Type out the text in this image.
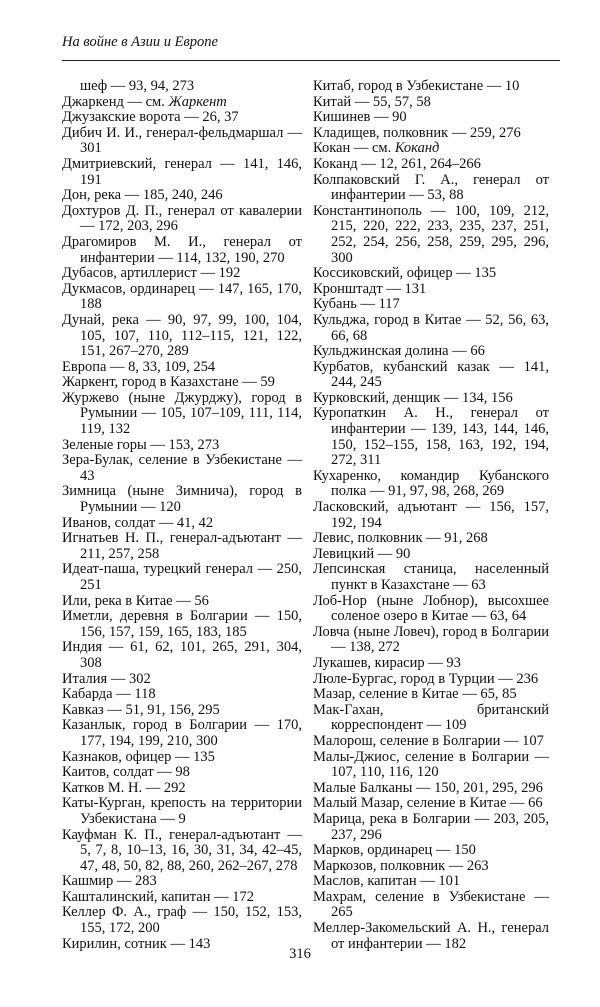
На войне в Азии и Европе
шеф — 93, 94, 273
Джаркенд — см. Жаркент
Джузакские ворота — 26, 37
Дибич И. И., генерал-фельдмаршал — 301
Дмитриевский, генерал — 141, 146, 191
Дон, река — 185, 240, 246
Дохтуров Д. П., генерал от кавалерии — 172, 203, 296
Драгомиров М. И., генерал от инфантерии — 114, 132, 190, 270
Дубасов, артиллерист — 192
Дукмасов, ординарец — 147, 165, 170, 188
Дунай, река — 90, 97, 99, 100, 104, 105, 107, 110, 112–115, 121, 122, 151, 267–270, 289
Европа — 8, 33, 109, 254
Жаркент, город в Казахстане — 59
Журжево (ныне Джурджу), город в Румынии — 105, 107–109, 111, 114, 119, 132
Зеленые горы — 153, 273
Зера-Булак, селение в Узбекистане — 43
Зимница (ныне Зимнича), город в Румынии — 120
Иванов, солдат — 41, 42
Игнатьев Н. П., генерал-адъютант — 211, 257, 258
Идеат-паша, турецкий генерал — 250, 251
Или, река в Китае — 56
Иметли, деревня в Болгарии — 150, 156, 157, 159, 165, 183, 185
Индия — 61, 62, 101, 265, 291, 304, 308
Италия — 302
Кабарда — 118
Кавказ — 51, 91, 156, 295
Казанлык, город в Болгарии — 170, 177, 194, 199, 210, 300
Казнаков, офицер — 135
Каитов, солдат — 98
Катков М. Н. — 292
Каты-Курган, крепость на территории Узбекистана — 9
Кауфман К. П., генерал-адъютант — 5, 7, 8, 10–13, 16, 30, 31, 34, 42–45, 47, 48, 50, 82, 88, 260, 262–267, 278
Кашмир — 283
Кашталинский, капитан — 172
Келлер Ф. А., граф — 150, 152, 153, 155, 172, 200
Кирилин, сотник — 143
Китаб, город в Узбекистане — 10
Китай — 55, 57, 58
Кишинев — 90
Кладищев, полковник — 259, 276
Кокан — см. Коканд
Коканд — 12, 261, 264–266
Колпаковский Г. А., генерал от инфантерии — 53, 88
Константинополь — 100, 109, 212, 215, 220, 222, 233, 235, 237, 251, 252, 254, 256, 258, 259, 295, 296, 300
Коссиковский, офицер — 135
Кронштадт — 131
Кубань — 117
Кульджа, город в Китае — 52, 56, 63, 66, 68
Кульджинская долина — 66
Курбатов, кубанский казак — 141, 244, 245
Курковский, денщик — 134, 156
Куропаткин А. Н., генерал от инфантерии — 139, 143, 144, 146, 150, 152–155, 158, 163, 192, 194, 272, 311
Кухаренко, командир Кубанского полка — 91, 97, 98, 268, 269
Ласковский, адъютант — 156, 157, 192, 194
Левис, полковник — 91, 268
Левицкий — 90
Лепсинская станица, населенный пункт в Казахстане — 63
Лоб-Нор (ныне Лобнор), высохшее соленое озеро в Китае — 63, 64
Ловча (ныне Ловеч), город в Болгарии — 138, 272
Лукашев, кирасир — 93
Люле-Бургас, город в Турции — 236
Мазар, селение в Китае — 65, 85
Мак-Гахан, британский корреспондент — 109
Малорош, селение в Болгарии — 107
Малы-Джиос, селение в Болгарии — 107, 110, 116, 120
Малые Балканы — 150, 201, 295, 296
Малый Мазар, селение в Китае — 66
Марица, река в Болгарии — 203, 205, 237, 296
Марков, ординарец — 150
Маркозов, полковник — 263
Маслов, капитан — 101
Махрам, селение в Узбекистане — 265
Меллер-Закомельский А. Н., генерал от инфантерии — 182
316
